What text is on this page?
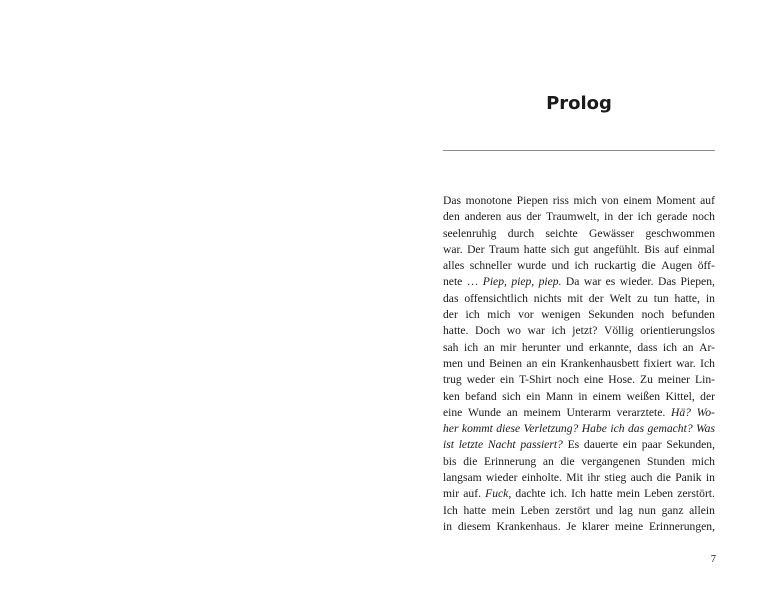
Prolog
Das monotone Piepen riss mich von einem Moment auf
den anderen aus der Traumwelt, in der ich gerade noch
seelenruhig durch seichte Gewässer geschwommen
war. Der Traum hatte sich gut angefühlt. Bis auf einmal
alles schneller wurde und ich ruckartig die Augen öff-
nete … Piep, piep, piep. Da war es wieder. Das Piepen,
das offensichtlich nichts mit der Welt zu tun hatte, in
der ich mich vor wenigen Sekunden noch befunden
hatte. Doch wo war ich jetzt? Völlig orientierungslos
sah ich an mir herunter und erkannte, dass ich an Ar-
men und Beinen an ein Krankenhausbett fixiert war. Ich
trug weder ein T-Shirt noch eine Hose. Zu meiner Lin-
ken befand sich ein Mann in einem weißen Kittel, der
eine Wunde an meinem Unterarm verarztete. Hä? Wo-
her kommt diese Verletzung? Habe ich das gemacht? Was
ist letzte Nacht passiert? Es dauerte ein paar Sekunden,
bis die Erinnerung an die vergangenen Stunden mich
langsam wieder einholte. Mit ihr stieg auch die Panik in
mir auf. Fuck, dachte ich. Ich hatte mein Leben zerstört.
Ich hatte mein Leben zerstört und lag nun ganz allein
in diesem Krankenhaus. Je klarer meine Erinnerungen,
7
